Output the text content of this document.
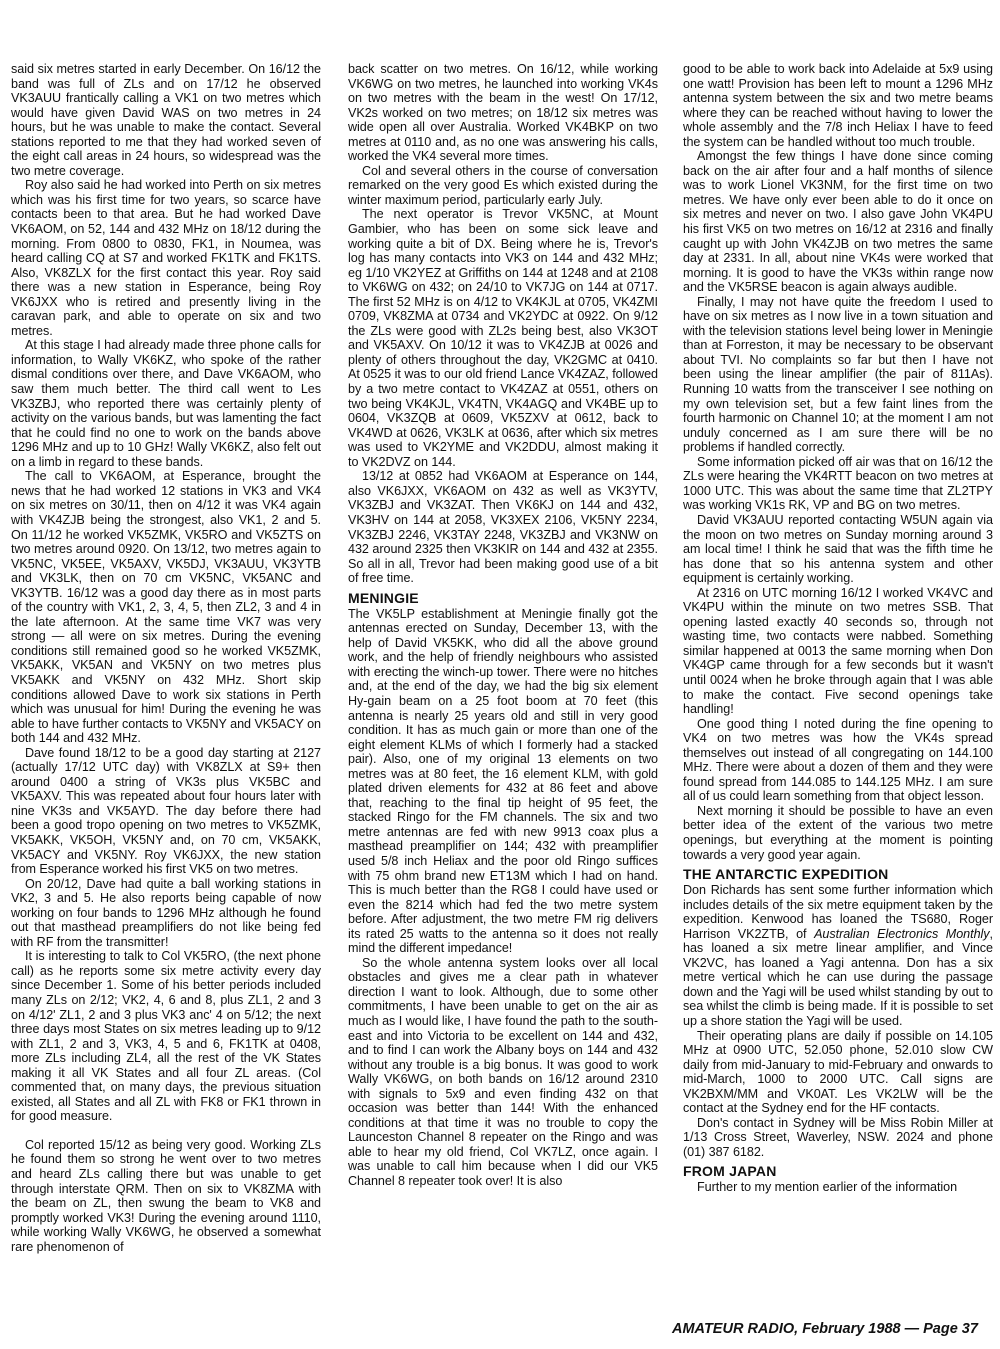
said six metres started in early December. On 16/12 the band was full of ZLs and on 17/12 he observed VK3AUU frantically calling a VK1 on two metres which would have given David WAS on two metres in 24 hours, but he was unable to make the contact. Several stations reported to me that they had worked seven of the eight call areas in 24 hours, so widespread was the two metre coverage.

Roy also said he had worked into Perth on six metres which was his first time for two years, so scarce have contacts been to that area. But he had worked Dave VK6AOM, on 52, 144 and 432 MHz on 18/12 during the morning. From 0800 to 0830, FK1, in Noumea, was heard calling CQ at S7 and worked FK1TK and FK1TS. Also, VK8ZLX for the first contact this year. Roy said there was a new station in Esperance, being Roy VK6JXX who is retired and presently living in the caravan park, and able to operate on six and two metres.

At this stage I had already made three phone calls for information, to Wally VK6KZ, who spoke of the rather dismal conditions over there, and Dave VK6AOM, who saw them much better. The third call went to Les VK3ZBJ, who reported there was certainly plenty of activity on the various bands, but was lamenting the fact that he could find no one to work on the bands above 1296 MHz and up to 10 GHz! Wally VK6KZ, also felt out on a limb in regard to these bands.

The call to VK6AOM, at Esperance, brought the news that he had worked 12 stations in VK3 and VK4 on six metres on 30/11, then on 4/12 it was VK4 again with VK4ZJB being the strongest, also VK1, 2 and 5. On 11/12 he worked VK5ZMK, VK5RO and VK5ZTS on two metres around 0920. On 13/12, two metres again to VK5NC, VK5EE, VK5AXV, VK5DJ, VK3AUU, VK3YTB and VK3LK, then on 70 cm VK5NC, VK5ANC and VK3YTB. 16/12 was a good day there as in most parts of the country with VK1, 2, 3, 4, 5, then ZL2, 3 and 4 in the late afternoon. At the same time VK7 was very strong — all were on six metres. During the evening conditions still remained good so he worked VK5ZMK, VK5AKK, VK5AN and VK5NY on two metres plus VK5AKK and VK5NY on 432 MHz. Short skip conditions allowed Dave to work six stations in Perth which was unusual for him! During the evening he was able to have further contacts to VK5NY and VK5ACY on both 144 and 432 MHz.

Dave found 18/12 to be a good day starting at 2127 (actually 17/12 UTC day) with VK8ZLX at S9+ then around 0400 a string of VK3s plus VK5BC and VK5AXV. This was repeated about four hours later with nine VK3s and VK5AYD. The day before there had been a good tropo opening on two metres to VK5ZMK, VK5AKK, VK5OH, VK5NY and, on 70 cm, VK5AKK, VK5ACY and VK5NY. Roy VK6JXX, the new station from Esperance worked his first VK5 on two metres.

On 20/12, Dave had quite a ball working stations in VK2, 3 and 5. He also reports being capable of now working on four bands to 1296 MHz although he found out that masthead preamplifiers do not like being fed with RF from the transmitter!

It is interesting to talk to Col VK5RO, (the next phone call) as he reports some six metre activity every day since December 1. Some of his better periods included many ZLs on 2/12; VK2, 4, 6 and 8, plus ZL1, 2 and 3 on 4/12' ZL1, 2 and 3 plus VK3 anc' 4 on 5/12; the next three days most States on six metres leading up to 9/12 with ZL1, 2 and 3, VK3, 4, 5 and 6, FK1TK at 0408, more ZLs including ZL4, all the rest of the VK States making it all VK States and all four ZL areas. (Col commented that, on many days, the previous situation existed, all States and all ZL with FK8 or FK1 thrown in for good measure.

Col reported 15/12 as being very good. Working ZLs he found them so strong he went over to two metres and heard ZLs calling there but was unable to get through interstate QRM. Then on six to VK8ZMA with the beam on ZL, then swung the beam to VK8 and promptly worked VK3! During the evening around 1110, while working Wally VK6WG, he observed a somewhat rare phenomenon of

back scatter on two metres. On 16/12, while working VK6WG on two metres, he launched into working VK4s on two metres with the beam in the west! On 17/12, VK2s worked on two metres; on 18/12 six metres was wide open all over Australia. Worked VK4BKP on two metres at 0110 and, as no one was answering his calls, worked the VK4 several more times.

Col and several others in the course of conversation remarked on the very good Es which existed during the winter maximum period, particularly early July.

The next operator is Trevor VK5NC, at Mount Gambier, who has been on some sick leave and working quite a bit of DX. Being where he is, Trevor's log has many contacts into VK3 on 144 and 432 MHz; eg 1/10 VK2YEZ at Griffiths on 144 at 1248 and at 2108 to VK6WG on 432; on 24/10 to VK7JG on 144 at 0717. The first 52 MHz is on 4/12 to VK4KJL at 0705, VK4ZMI 0709, VK8ZMA at 0734 and VK2YDC at 0922. On 9/12 the ZLs were good with ZL2s being best, also VK3OT and VK5AXV. On 10/12 it was to VK4ZJB at 0026 and plenty of others throughout the day, VK2GMC at 0410. At 0525 it was to our old friend Lance VK4ZAZ, followed by a two metre contact to VK4ZAZ at 0551, others on two being VK4KJL, VK4TN, VK4AGQ and VK4BE up to 0604, VK3ZQB at 0609, VK5ZXV at 0612, back to VK4WD at 0626, VK3LK at 0636, after which six metres was used to VK2YME and VK2DDU, almost making it to VK2DVZ on 144.

13/12 at 0852 had VK6AOM at Esperance on 144, also VK6JXX, VK6AOM on 432 as well as VK3YTV, VK3ZBJ and VK3ZAT. Then VK6KJ on 144 and 432, VK3HV on 144 at 2058, VK3XEX 2106, VK5NY 2234, VK3ZBJ 2246, VK3TAY 2248, VK3ZBJ and VK3NW on 432 around 2325 then VK3KIR on 144 and 432 at 2355. So all in all, Trevor had been making good use of a bit of free time.

MENINGIE

The VK5LP establishment at Meningie finally got the antennas erected on Sunday, December 13, with the help of David VK5KK, who did all the above ground work, and the help of friendly neighbours who assisted with erecting the winch-up tower. There were no hitches and, at the end of the day, we had the big six element Hy-gain beam on a 25 foot boom at 70 feet (this antenna is nearly 25 years old and still in very good condition. It has as much gain or more than one of the eight element KLMs of which I formerly had a stacked pair). Also, one of my original 13 elements on two metres was at 80 feet, the 16 element KLM, with gold plated driven elements for 432 at 86 feet and above that, reaching to the final tip height of 95 feet, the stacked Ringo for the FM channels. The six and two metre antennas are fed with new 9913 coax plus a masthead preamplifier on 144; 432 with preamplifier used 5/8 inch Heliax and the poor old Ringo suffices with 75 ohm brand new ET13M which I had on hand. This is much better than the RG8 I could have used or even the 8214 which had fed the two metre system before. After adjustment, the two metre FM rig delivers its rated 25 watts to the antenna so it does not really mind the different impedance!

So the whole antenna system looks over all local obstacles and gives me a clear path in whatever direction I want to look. Although, due to some other commitments, I have been unable to get on the air as much as I would like, I have found the path to the south-east and into Victoria to be excellent on 144 and 432, and to find I can work the Albany boys on 144 and 432 without any trouble is a big bonus. It was good to work Wally VK6WG, on both bands on 16/12 around 2310 with signals to 5x9 and even finding 432 on that occasion was better than 144! With the enhanced conditions at that time it was no trouble to copy the Launceston Channel 8 repeater on the Ringo and was able to hear my old friend, Col VK7LZ, once again. I was unable to call him because when I did our VK5 Channel 8 repeater took over! It is also

good to be able to work back into Adelaide at 5x9 using one watt! Provision has been left to mount a 1296 MHz antenna system between the six and two metre beams where they can be reached without having to lower the whole assembly and the 7/8 inch Heliax I have to feed the system can be handled without too much trouble.

Amongst the few things I have done since coming back on the air after four and a half months of silence was to work Lionel VK3NM, for the first time on two metres. We have only ever been able to do it once on six metres and never on two. I also gave John VK4PU his first VK5 on two metres on 16/12 at 2316 and finally caught up with John VK4ZJB on two metres the same day at 2331. In all, about nine VK4s were worked that morning. It is good to have the VK3s within range now and the VK5RSE beacon is again always audible.

Finally, I may not have quite the freedom I used to have on six metres as I now live in a town situation and with the television stations level being lower in Meningie than at Forreston, it may be necessary to be observant about TVI. No complaints so far but then I have not been using the linear amplifier (the pair of 811As). Running 10 watts from the transceiver I see nothing on my own television set, but a few faint lines from the fourth harmonic on Channel 10; at the moment I am not unduly concerned as I am sure there will be no problems if handled correctly.

Some information picked off air was that on 16/12 the ZLs were hearing the VK4RTT beacon on two metres at 1000 UTC. This was about the same time that ZL2TPY was working VK1s RK, VP and BG on two metres.

David VK3AUU reported contacting W5UN again via the moon on two metres on Sunday morning around 3 am local time! I think he said that was the fifth time he has done that so his antenna system and other equipment is certainly working.

At 2316 on UTC morning 16/12 I worked VK4VC and VK4PU within the minute on two metres SSB. That opening lasted exactly 40 seconds so, through not wasting time, two contacts were nabbed. Something similar happened at 0013 the same morning when Don VK4GP came through for a few seconds but it wasn't until 0024 when he broke through again that I was able to make the contact. Five second openings take handling!

One good thing I noted during the fine opening to VK4 on two metres was how the VK4s spread themselves out instead of all congregating on 144.100 MHz. There were about a dozen of them and they were found spread from 144.085 to 144.125 MHz. I am sure all of us could learn something from that object lesson.

Next morning it should be possible to have an even better idea of the extent of the various two metre openings, but everything at the moment is pointing towards a very good year again.

THE ANTARCTIC EXPEDITION

Don Richards has sent some further information which includes details of the six metre equipment taken by the expedition. Kenwood has loaned the TS680, Roger Harrison VK2ZTB, of Australian Electronics Monthly, has loaned a six metre linear amplifier, and Vince VK2VC, has loaned a Yagi antenna. Don has a six metre vertical which he can use during the passage down and the Yagi will be used whilst standing by out to sea whilst the climb is being made. If it is possible to set up a shore station the Yagi will be used.

Their operating plans are daily if possible on 14.105 MHz at 0900 UTC, 52.050 phone, 52.010 slow CW daily from mid-January to mid-February and onwards to mid-March, 1000 to 2000 UTC. Call signs are VK2BXM/MM and VK0AT. Les VK2LW will be the contact at the Sydney end for the HF contacts.

Don's contact in Sydney will be Miss Robin Miller at 1/13 Cross Street, Waverley, NSW. 2024 and phone (01) 387 6182.

FROM JAPAN

Further to my mention earlier of the information

AMATEUR RADIO, February 1988 — Page 37
